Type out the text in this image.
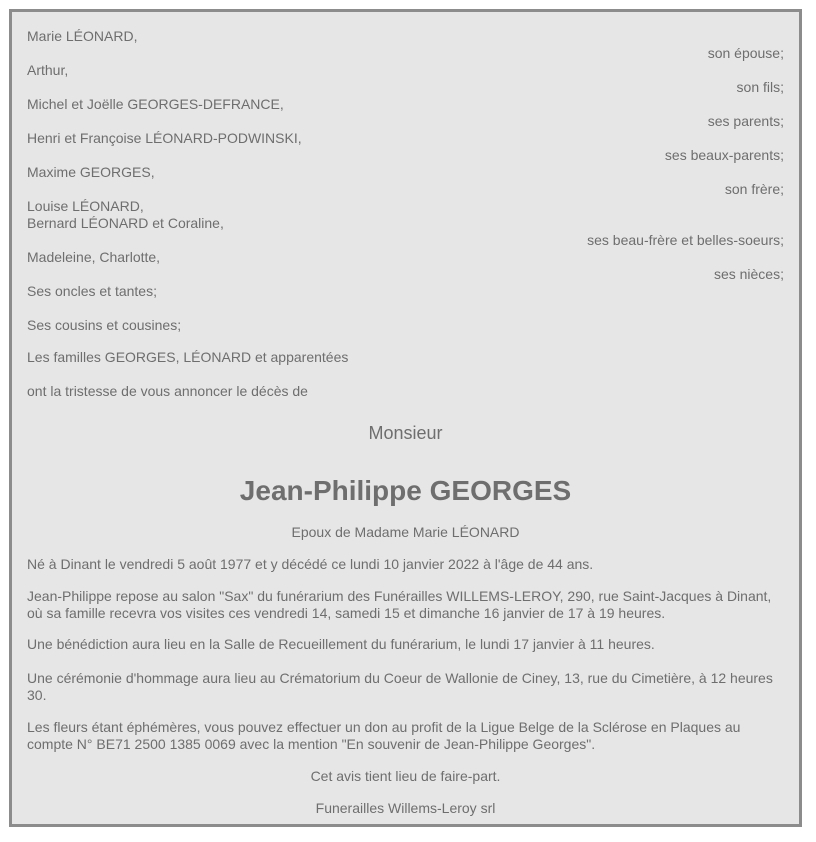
Marie LÉONARD,
son épouse;
Arthur,
son fils;
Michel et Joëlle GEORGES-DEFRANCE,
ses parents;
Henri et Françoise LÉONARD-PODWINSKI,
ses beaux-parents;
Maxime GEORGES,
son frère;
Louise LÉONARD,
Bernard LÉONARD et Coraline,
ses beau-frère et belles-soeurs;
Madeleine, Charlotte,
ses nièces;
Ses oncles et tantes;
Ses cousins et cousines;
Les familles GEORGES, LÉONARD et apparentées
ont la tristesse de vous annoncer le décès de
Monsieur
Jean-Philippe GEORGES
Epoux de Madame Marie LÉONARD
Né à Dinant le vendredi 5 août 1977 et y décédé ce lundi 10 janvier 2022 à l'âge de 44 ans.
Jean-Philippe repose au salon "Sax" du funérarium des Funérailles WILLEMS-LEROY, 290, rue Saint-Jacques à Dinant, où sa famille recevra vos visites ces vendredi 14, samedi 15 et dimanche 16 janvier de 17 à 19 heures.
Une bénédiction aura lieu en la Salle de Recueillement du funérarium, le lundi 17 janvier à 11 heures.
Une cérémonie d'hommage aura lieu au Crématorium du Coeur de Wallonie de Ciney, 13, rue du Cimetière, à 12 heures 30.
Les fleurs étant éphémères, vous pouvez effectuer un don au profit de la Ligue Belge de la Sclérose en Plaques au compte N° BE71 2500 1385 0069 avec la mention "En souvenir de Jean-Philippe Georges".
Cet avis tient lieu de faire-part.
Funerailles Willems-Leroy srl
